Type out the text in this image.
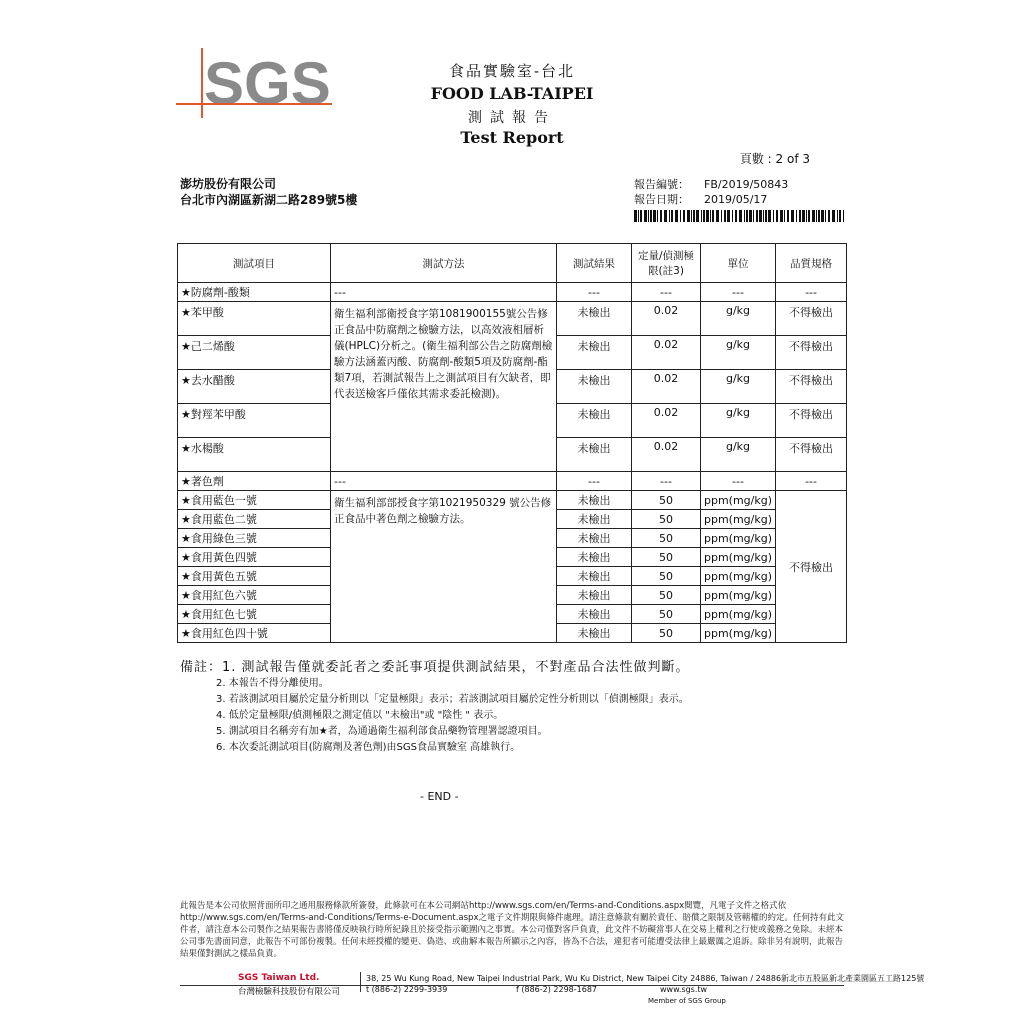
SGS	食品實驗室-台北
FOOD LAB-TAIPEI
測試報告
Test Report
頁數 : 2 of 3
澎坊股份有限公司
台北市內湖區新湖二路289號5樓
報告編號：	FB/2019/50843
報告日期：	2019/05/17
測試項目	測試方法	測試結果	定量/偵測極限(註3)	單位	品質規格
★防腐劑-酸類	---	---	---	---	---
★苯甲酸	衛生福利部衛授食字第1081900155號公告修正食品中防腐劑之檢驗方法，以高效液相層析儀(HPLC)分析之。(衛生福利部公告之防腐劑檢驗方法涵蓋丙酸、防腐劑-酸類5項及防腐劑-酯類7項，若測試報告上之測試項目有欠缺者，即代表送檢客戶僅依其需求委託檢測)。	未檢出	0.02	g/kg	不得檢出
★己二烯酸		未檢出	0.02	g/kg	不得檢出
★去水醋酸		未檢出	0.02	g/kg	不得檢出
★對羥苯甲酸		未檢出	0.02	g/kg	不得檢出
★水楊酸		未檢出	0.02	g/kg	不得檢出
★著色劑	---	---	---	---	---
★食用藍色一號	衛生福利部部授食字第1021950329 號公告修正食品中著色劑之檢驗方法。	未檢出	50	ppm(mg/kg)	不得檢出
★食用藍色二號		未檢出	50	ppm(mg/kg)	
★食用綠色三號		未檢出	50	ppm(mg/kg)	
★食用黃色四號		未檢出	50	ppm(mg/kg)	
★食用黃色五號		未檢出	50	ppm(mg/kg)	
★食用紅色六號		未檢出	50	ppm(mg/kg)	
★食用紅色七號		未檢出	50	ppm(mg/kg)	
★食用紅色四十號		未檢出	50	ppm(mg/kg)	
備註：1. 測試報告僅就委託者之委託事項提供測試結果，不對產品合法性做判斷。
2. 本報告不得分離使用。
3. 若該測試項目屬於定量分析則以「定量極限」表示；若該測試項目屬於定性分析則以「偵測極限」表示。
4. 低於定量極限/偵測極限之測定值以 "未檢出"或 "陰性 " 表示。
5. 測試項目名稱旁有加★者，為通過衛生福利部食品藥物管理署認證項目。
6. 本次委託測試項目(防腐劑及著色劑)由SGS食品實驗室 高雄執行。
- END -
此報告是本公司依照背面所印之通用服務條款所簽發，此條款可在本公司網站http://www.sgs.com/en/Terms-and-Conditions.aspx閱覽，凡電子文件之格式依http://www.sgs.com/en/Terms-and-Conditions/Terms-e-Document.aspx之電子文件期限與條件處理。請注意條款有關於責任、賠償之限制及管轄權的約定。任何持有此文件者，請注意本公司製作之結果報告書將僅反映執行時所紀錄且於接受指示範圍內之事實。本公司僅對客戶負責，此文件不妨礙當事人在交易上權利之行使或義務之免除。未經本公司事先書面同意，此報告不可部份複製。任何未經授權的變更、偽造、或曲解本報告所顯示之內容，皆為不合法，違犯者可能遭受法律上最嚴厲之追訴。除非另有說明，此報告結果僅對測試之樣品負責。
SGS Taiwan Ltd.	38, 25 Wu Kung Road, New Taipei Industrial Park, Wu Ku District, New Taipei City 24886, Taiwan / 24886新北市五股區新北產業園區五工路125號
台灣檢驗科技股份有限公司	t (886-2) 2299-3939	f (886-2) 2298-1687	www.sgs.tw
Member of SGS Group
